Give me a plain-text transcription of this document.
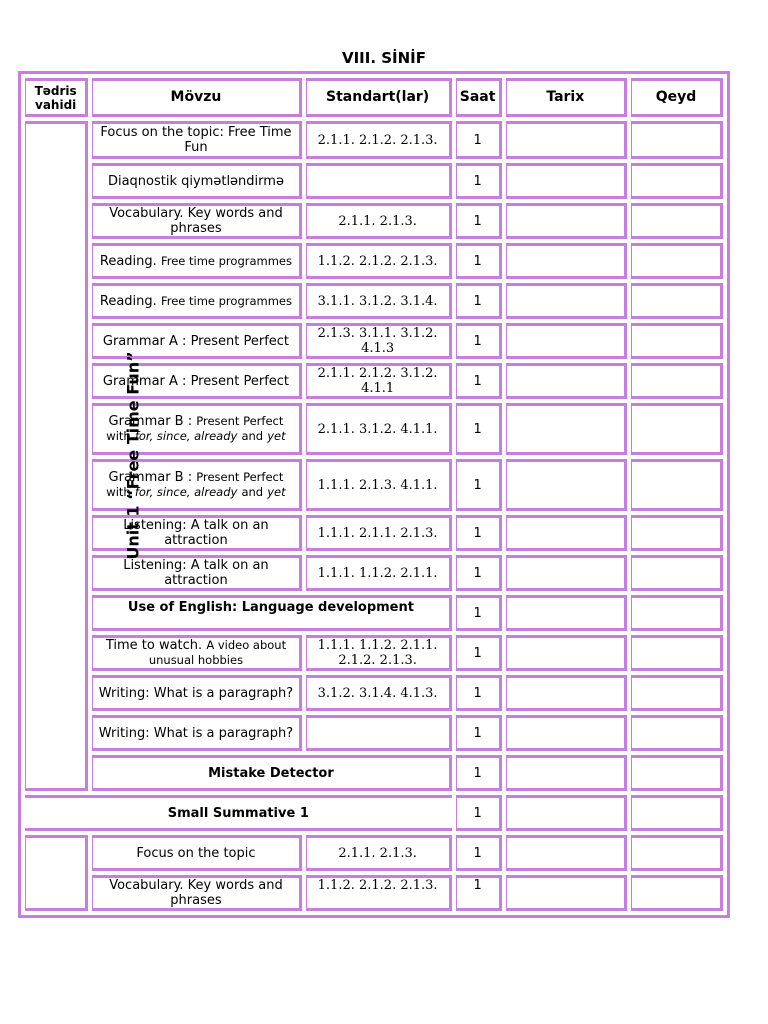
VIII. SİNİF
Tədris vahidi	Mövzu	Standart(lar)	Saat	Tarix	Qeyd
Unit 1 “Free Time Fun”	Focus on the topic: Free Time Fun	2.1.1. 2.1.2. 2.1.3.	1		
	Diaqnostik qiymətləndirmə		1		
	Vocabulary. Key words and phrases	2.1.1. 2.1.3.	1		
	Reading. Free time programmes	1.1.2. 2.1.2. 2.1.3.	1		
	Reading. Free time programmes	3.1.1. 3.1.2. 3.1.4.	1		
	Grammar A : Present Perfect	2.1.3. 3.1.1. 3.1.2. 4.1.3	1		
	Grammar A : Present Perfect	2.1.1. 2.1.2. 3.1.2. 4.1.1	1		
	Grammar B : Present Perfect with for, since, already and yet	2.1.1. 3.1.2. 4.1.1.	1		
	Grammar B : Present Perfect with for, since, already and yet	1.1.1. 2.1.3. 4.1.1.	1		
	Listening: A talk on an attraction	1.1.1. 2.1.1. 2.1.3.	1		
	Listening: A talk on an attraction	1.1.1. 1.1.2. 2.1.1.	1		
	Use of English: Language development		1		
	Time to watch. A video about unusual hobbies	1.1.1. 1.1.2. 2.1.1. 2.1.2. 2.1.3.	1		
	Writing: What is a paragraph?	3.1.2. 3.1.4. 4.1.3.	1		
	Writing: What is a paragraph?		1		
	Mistake Detector		1		
Small Summative 1			1		
	Focus on the topic	2.1.1. 2.1.3.	1		
	Vocabulary. Key words and phrases	1.1.2. 2.1.2. 2.1.3.	1		
